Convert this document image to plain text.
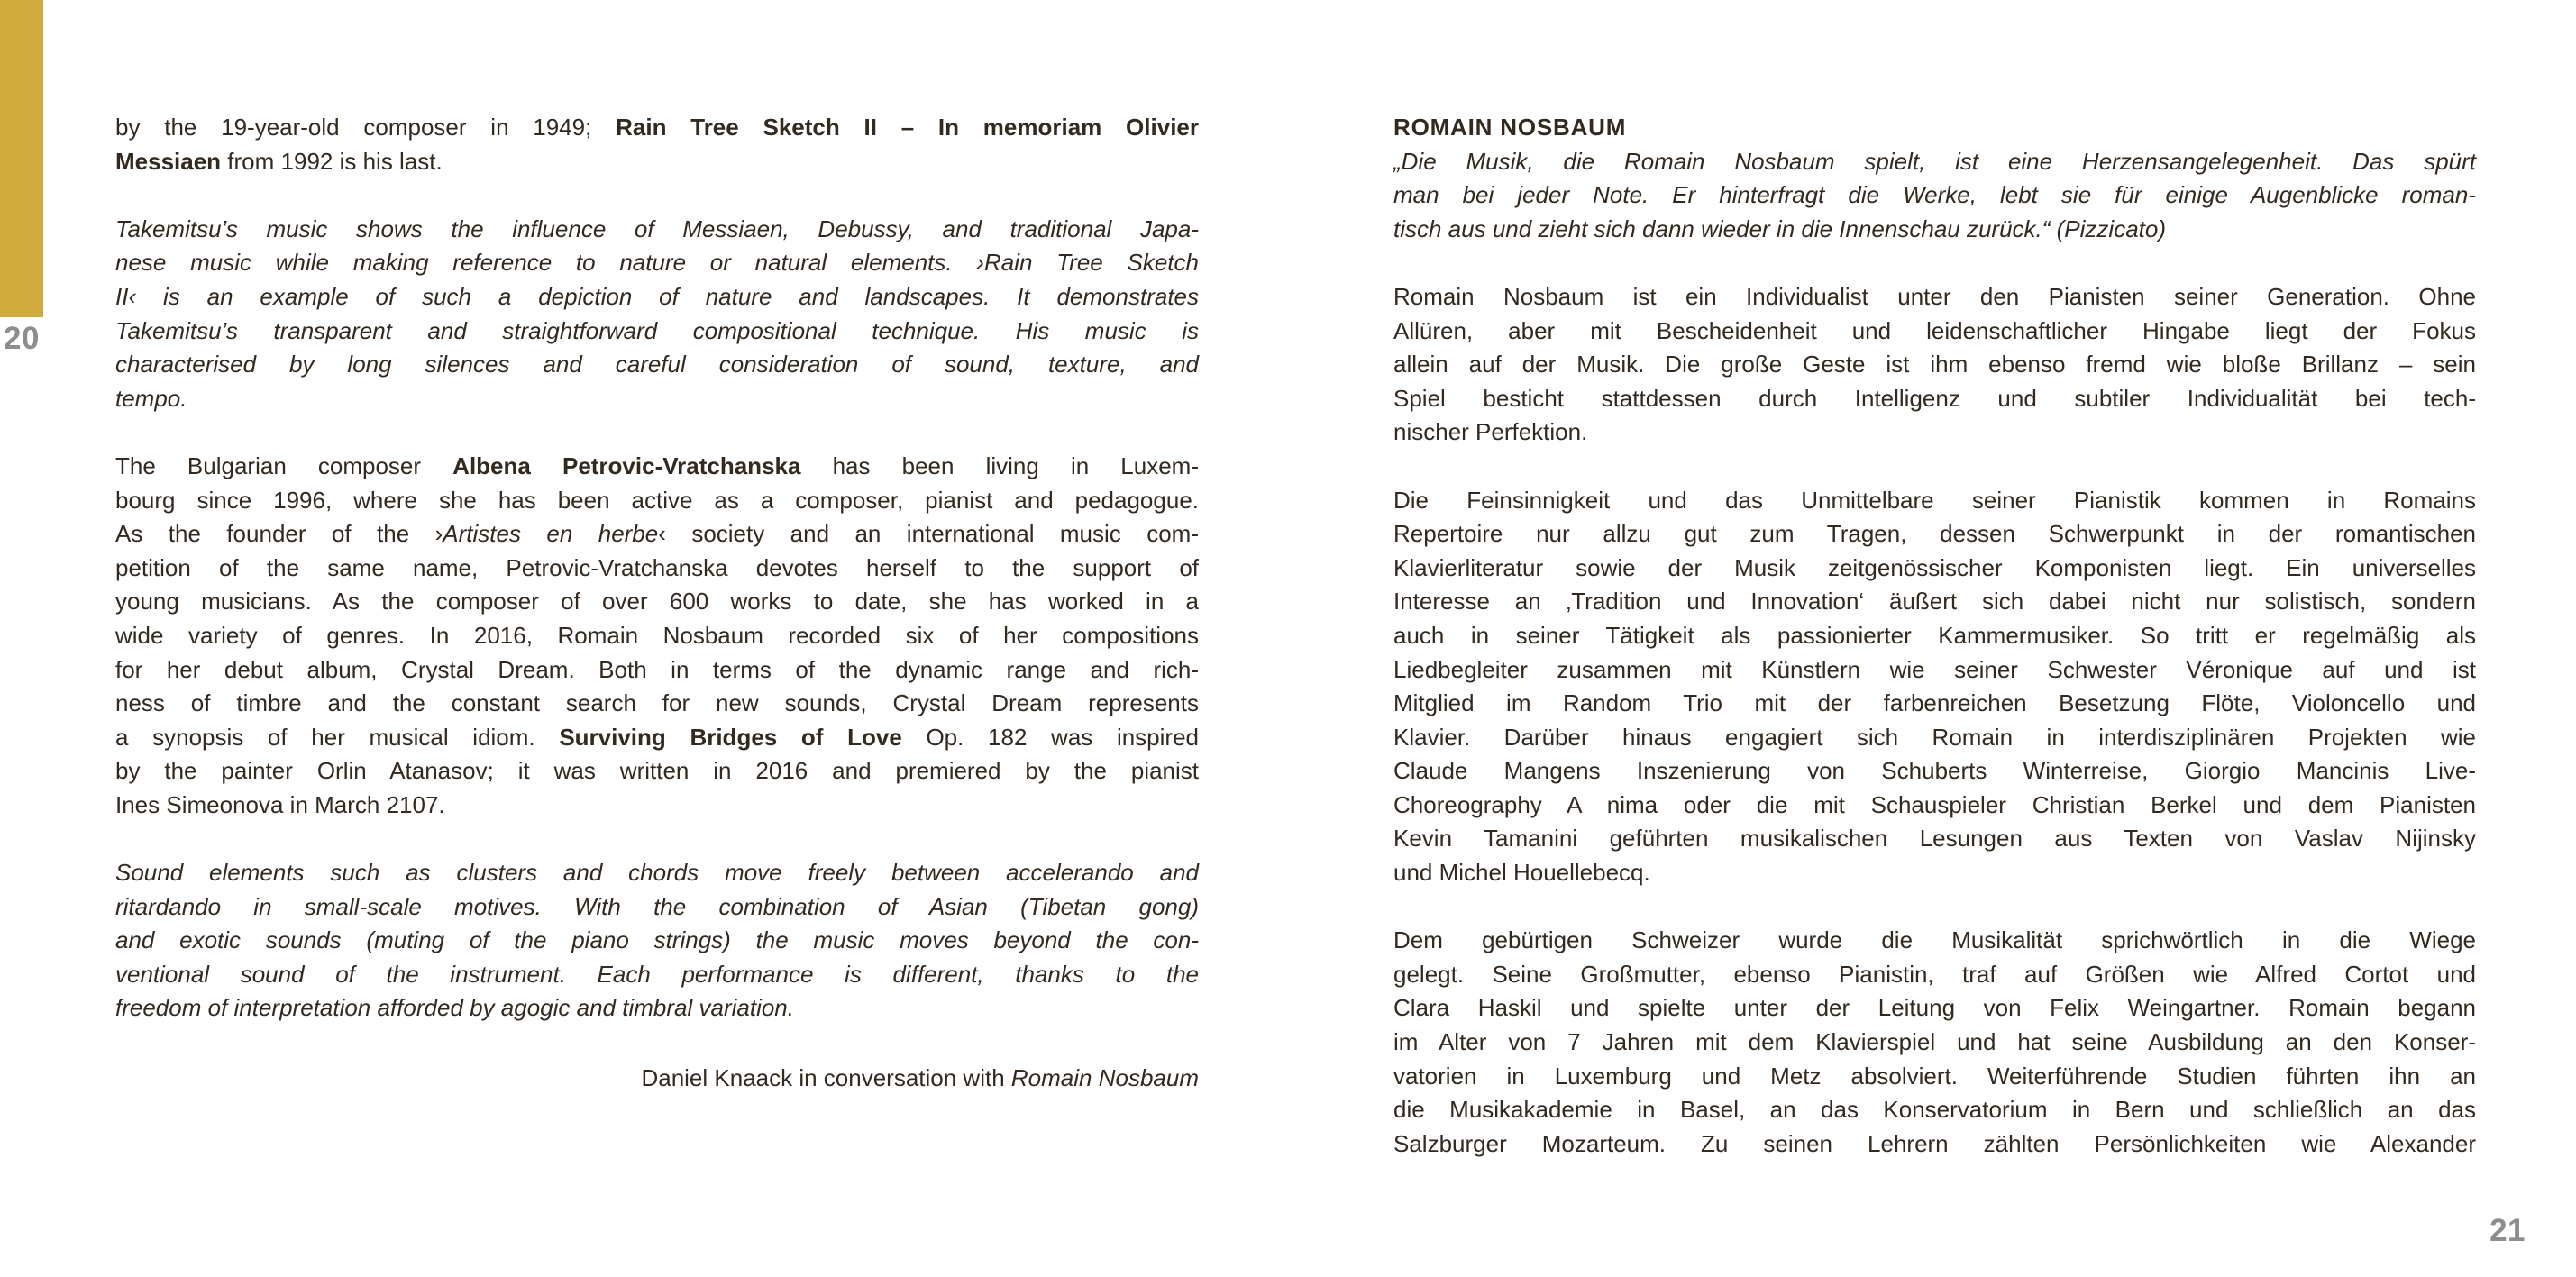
20
by the 19-year-old composer in 1949; Rain Tree Sketch II – In memoriam Olivier
Messiaen from 1992 is his last.
Takemitsu’s music shows the influence of Messiaen, Debussy, and traditional Japa-
nese music while making reference to nature or natural elements. ›Rain Tree Sketch
II‹ is an example of such a depiction of nature and landscapes. It demonstrates
Takemitsu’s transparent and straightforward compositional technique. His music is
characterised by long silences and careful consideration of sound, texture, and
tempo.
The Bulgarian composer Albena Petrovic-Vratchanska has been living in Luxem-
bourg since 1996, where she has been active as a composer, pianist and pedagogue.
As the founder of the ›Artistes en herbe‹ society and an international music com-
petition of the same name, Petrovic-Vratchanska devotes herself to the support of
young musicians. As the composer of over 600 works to date, she has worked in a
wide variety of genres. In 2016, Romain Nosbaum recorded six of her compositions
for her debut album, Crystal Dream. Both in terms of the dynamic range and rich-
ness of timbre and the constant search for new sounds, Crystal Dream represents
a synopsis of her musical idiom. Surviving Bridges of Love Op. 182 was inspired
by the painter Orlin Atanasov; it was written in 2016 and premiered by the pianist
Ines Simeonova in March 2107.
Sound elements such as clusters and chords move freely between accelerando and
ritardando in small-scale motives. With the combination of Asian (Tibetan gong)
and exotic sounds (muting of the piano strings) the music moves beyond the con-
ventional sound of the instrument. Each performance is different, thanks to the
freedom of interpretation afforded by agogic and timbral variation.
Daniel Knaack in conversation with Romain Nosbaum
ROMAIN NOSBAUM
„Die Musik, die Romain Nosbaum spielt, ist eine Herzensangelegenheit. Das spürt
man bei jeder Note. Er hinterfragt die Werke, lebt sie für einige Augenblicke roman-
tisch aus und zieht sich dann wieder in die Innenschau zurück.“ (Pizzicato)
Romain Nosbaum ist ein Individualist unter den Pianisten seiner Generation. Ohne
Allüren, aber mit Bescheidenheit und leidenschaftlicher Hingabe liegt der Fokus
allein auf der Musik. Die große Geste ist ihm ebenso fremd wie bloße Brillanz – sein
Spiel besticht stattdessen durch Intelligenz und subtiler Individualität bei tech-
nischer Perfektion.
Die Feinsinnigkeit und das Unmittelbare seiner Pianistik kommen in Romains
Repertoire nur allzu gut zum Tragen, dessen Schwerpunkt in der romantischen
Klavierliteratur sowie der Musik zeitgenössischer Komponisten liegt. Ein universelles
Interesse an ‚Tradition und Innovation‘ äußert sich dabei nicht nur solistisch, sondern
auch in seiner Tätigkeit als passionierter Kammermusiker. So tritt er regelmäßig als
Liedbegleiter zusammen mit Künstlern wie seiner Schwester Véronique auf und ist
Mitglied im Random Trio mit der farbenreichen Besetzung Flöte, Violoncello und
Klavier. Darüber hinaus engagiert sich Romain in interdisziplinären Projekten wie
Claude Mangens Inszenierung von Schuberts Winterreise, Giorgio Mancinis Live-
Choreography A nima oder die mit Schauspieler Christian Berkel und dem Pianisten
Kevin Tamanini geführten musikalischen Lesungen aus Texten von Vaslav Nijinsky
und Michel Houellebecq.
Dem gebürtigen Schweizer wurde die Musikalität sprichwörtlich in die Wiege
gelegt. Seine Großmutter, ebenso Pianistin, traf auf Größen wie Alfred Cortot und
Clara Haskil und spielte unter der Leitung von Felix Weingartner. Romain begann
im Alter von 7 Jahren mit dem Klavierspiel und hat seine Ausbildung an den Konser-
vatorien in Luxemburg und Metz absolviert. Weiterführende Studien führten ihn an
die Musikakademie in Basel, an das Konservatorium in Bern und schließlich an das
Salzburger Mozarteum. Zu seinen Lehrern zählten Persönlichkeiten wie Alexander
21
